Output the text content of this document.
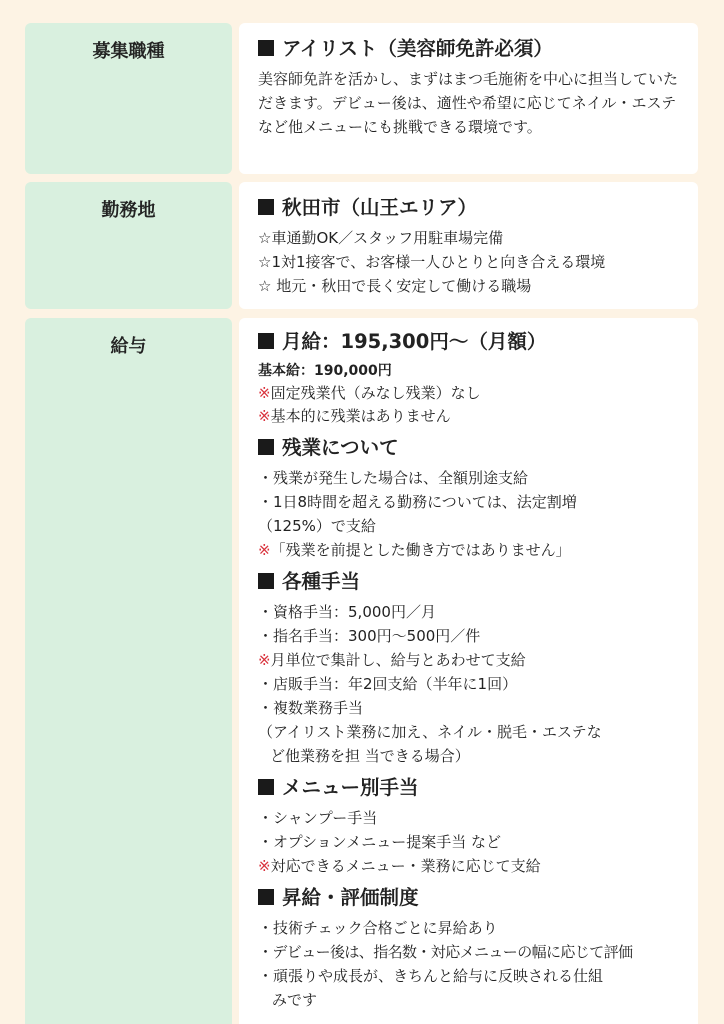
募集職種	アイリスト（美容師免許必須）
美容師免許を活かし、まずはまつ毛施術を中心に担当していただきます。デビュー後は、適性や希望に応じてネイル・エステなど他メニューにも挑戦できる環境です。
勤務地	秋田市（山王エリア）
☆車通勤OK／スタッフ用駐車場完備
☆1対1接客で、お客様一人ひとりと向き合える環境
☆ 地元・秋田で長く安定して働ける職場
給与	月給：195,300円〜（月額）
基本給：190,000円
※固定残業代（みなし残業）なし
※基本的に残業はありません
残業について
・残業が発生した場合は、全額別途支給
・1日8時間を超える勤務については、法定割増
（125%）で支給
※「残業を前提とした働き方ではありません」
各種手当
・資格手当：5,000円／月
・指名手当：300円〜500円／件
※月単位で集計し、給与とあわせて支給
・店販手当：年2回支給（半年に1回）
・複数業務手当
（アイリスト業務に加え、ネイル・脱毛・エステな
ど他業務を担 当できる場合）
メニュー別手当
・シャンプー手当
・オプションメニュー提案手当 など
※対応できるメニュー・業務に応じて支給
昇給・評価制度
・技術チェック合格ごとに昇給あり
・デビュー後は、指名数・対応メニューの幅に応じて評価
・頑張りや成長が、きちんと給与に反映される仕組
みです
